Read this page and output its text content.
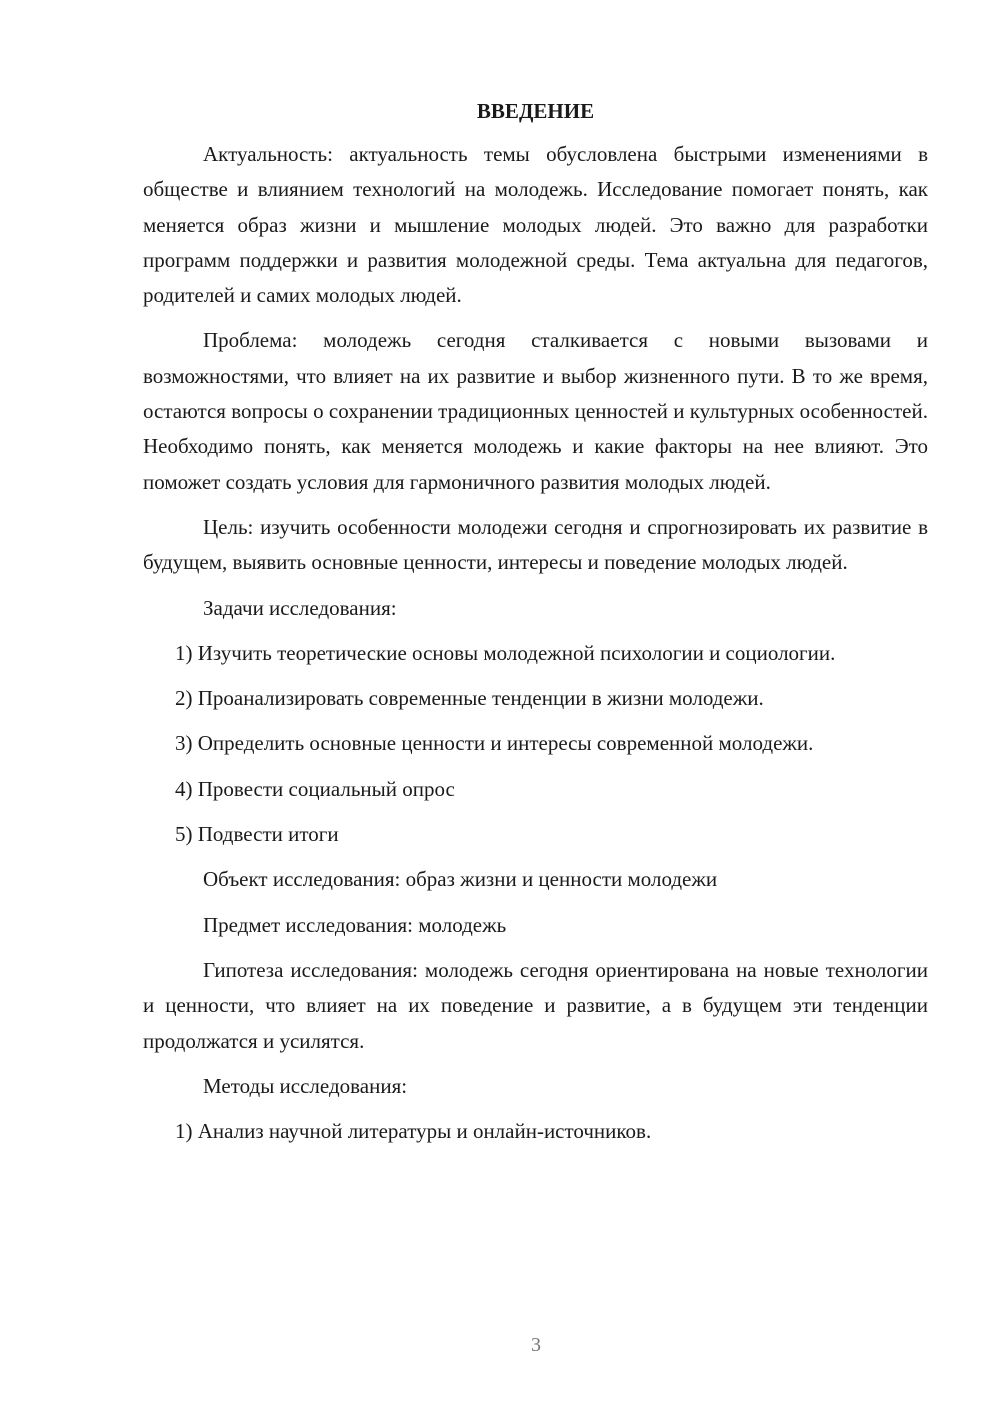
ВВЕДЕНИЕ
Актуальность: актуальность темы обусловлена быстрыми изменениями в обществе и влиянием технологий на молодежь. Исследование помогает понять, как меняется образ жизни и мышление молодых людей. Это важно для разработки программ поддержки и развития молодежной среды. Тема актуальна для педагогов, родителей и самих молодых людей.
Проблема: молодежь сегодня сталкивается с новыми вызовами и возможностями, что влияет на их развитие и выбор жизненного пути. В то же время, остаются вопросы о сохранении традиционных ценностей и культурных особенностей. Необходимо понять, как меняется молодежь и какие факторы на нее влияют. Это поможет создать условия для гармоничного развития молодых людей.
Цель: изучить особенности молодежи сегодня и спрогнозировать их развитие в будущем, выявить основные ценности, интересы и поведение молодых людей.
Задачи исследования:
1) Изучить теоретические основы молодежной психологии и социологии.
2) Проанализировать современные тенденции в жизни молодежи.
3) Определить основные ценности и интересы современной молодежи.
4) Провести социальный опрос
5) Подвести итоги
Объект исследования: образ жизни и ценности молодежи
Предмет исследования: молодежь
Гипотеза исследования: молодежь сегодня ориентирована на новые технологии и ценности, что влияет на их поведение и развитие, а в будущем эти тенденции продолжатся и усилятся.
Методы исследования:
1) Анализ научной литературы и онлайн-источников.
3
